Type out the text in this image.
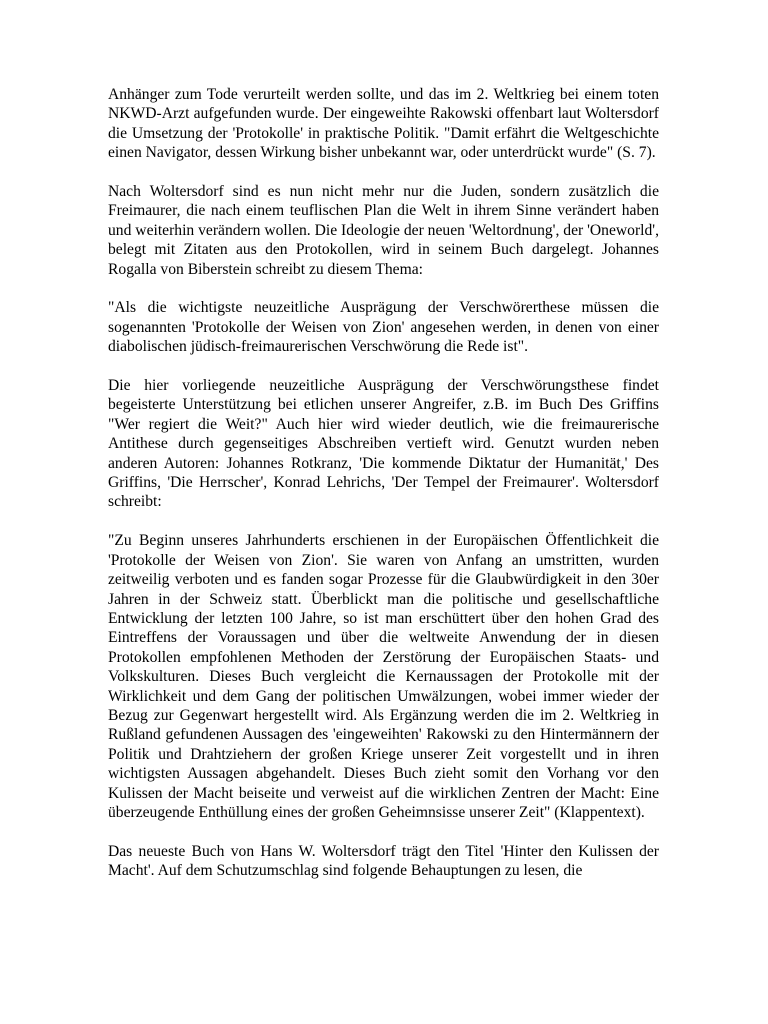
Anhänger zum Tode verurteilt werden sollte, und das im 2. Weltkrieg bei einem toten NKWD-Arzt aufgefunden wurde. Der eingeweihte Rakowski offenbart laut Woltersdorf die Umsetzung der 'Protokolle' in praktische Politik. "Damit erfährt die Weltgeschichte einen Navigator, dessen Wirkung bisher unbekannt war, oder unterdrückt wurde" (S. 7).

Nach Woltersdorf sind es nun nicht mehr nur die Juden, sondern zusätzlich die Freimaurer, die nach einem teuflischen Plan die Welt in ihrem Sinne verändert haben und weiterhin verändern wollen. Die Ideologie der neuen 'Weltordnung', der 'Oneworld', belegt mit Zitaten aus den Protokollen, wird in seinem Buch dargelegt. Johannes Rogalla von Biberstein schreibt zu diesem Thema:

"Als die wichtigste neuzeitliche Ausprägung der Verschwörerthese müssen die sogenannten 'Protokolle der Weisen von Zion' angesehen werden, in denen von einer diabolischen jüdisch-freimaurerischen Verschwörung die Rede ist".

Die hier vorliegende neuzeitliche Ausprägung der Verschwörungsthese findet begeisterte Unterstützung bei etlichen unserer Angreifer, z.B. im Buch Des Griffins "Wer regiert die Weit?" Auch hier wird wieder deutlich, wie die freimaurerische Antithese durch gegenseitiges Abschreiben vertieft wird. Genutzt wurden neben anderen Autoren: Johannes Rotkranz, 'Die kommende Diktatur der Humanität,' Des Griffins, 'Die Herrscher', Konrad Lehrichs, 'Der Tempel der Freimaurer'. Woltersdorf schreibt:

"Zu Beginn unseres Jahrhunderts erschienen in der Europäischen Öffentlichkeit die 'Protokolle der Weisen von Zion'. Sie waren von Anfang an umstritten, wurden zeitweilig verboten und es fanden sogar Prozesse für die Glaubwürdigkeit in den 30er Jahren in der Schweiz statt. Überblickt man die politische und gesellschaftliche Entwicklung der letzten 100 Jahre, so ist man erschüttert über den hohen Grad des Eintreffens der Voraussagen und über die weltweite Anwendung der in diesen Protokollen empfohlenen Methoden der Zerstörung der Europäischen Staats- und Volkskulturen. Dieses Buch vergleicht die Kernaussagen der Protokolle mit der Wirklichkeit und dem Gang der politischen Umwälzungen, wobei immer wieder der Bezug zur Gegenwart hergestellt wird. Als Ergänzung werden die im 2. Weltkrieg in Rußland gefundenen Aussagen des 'eingeweihten' Rakowski zu den Hintermännern der Politik und Drahtziehern der großen Kriege unserer Zeit vorgestellt und in ihren wichtigsten Aussagen abgehandelt. Dieses Buch zieht somit den Vorhang vor den Kulissen der Macht beiseite und verweist auf die wirklichen Zentren der Macht: Eine überzeugende Enthüllung eines der großen Geheimnsisse unserer Zeit" (Klappentext).

Das neueste Buch von Hans W. Woltersdorf trägt den Titel 'Hinter den Kulissen der Macht'. Auf dem Schutzumschlag sind folgende Behauptungen zu lesen, die
